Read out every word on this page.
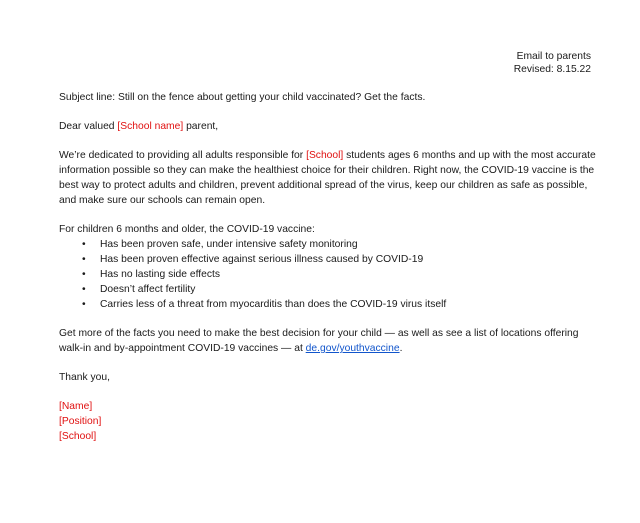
Email to parents
Revised: 8.15.22

Subject line: Still on the fence about getting your child vaccinated? Get the facts.

Dear valued [School name] parent,

We’re dedicated to providing all adults responsible for [School] students ages 6 months and up with the most accurate information possible so they can make the healthiest choice for their children. Right now, the COVID-19 vaccine is the best way to protect adults and children, prevent additional spread of the virus, keep our children as safe as possible, and make sure our schools can remain open.

For children 6 months and older, the COVID-19 vaccine:

• Has been proven safe, under intensive safety monitoring
• Has been proven effective against serious illness caused by COVID-19
• Has no lasting side effects
• Doesn’t affect fertility
• Carries less of a threat from myocarditis than does the COVID-19 virus itself

Get more of the facts you need to make the best decision for your child — as well as see a list of locations offering walk-in and by-appointment COVID-19 vaccines — at de.gov/youthvaccine.

Thank you,

[Name]
[Position]
[School]
